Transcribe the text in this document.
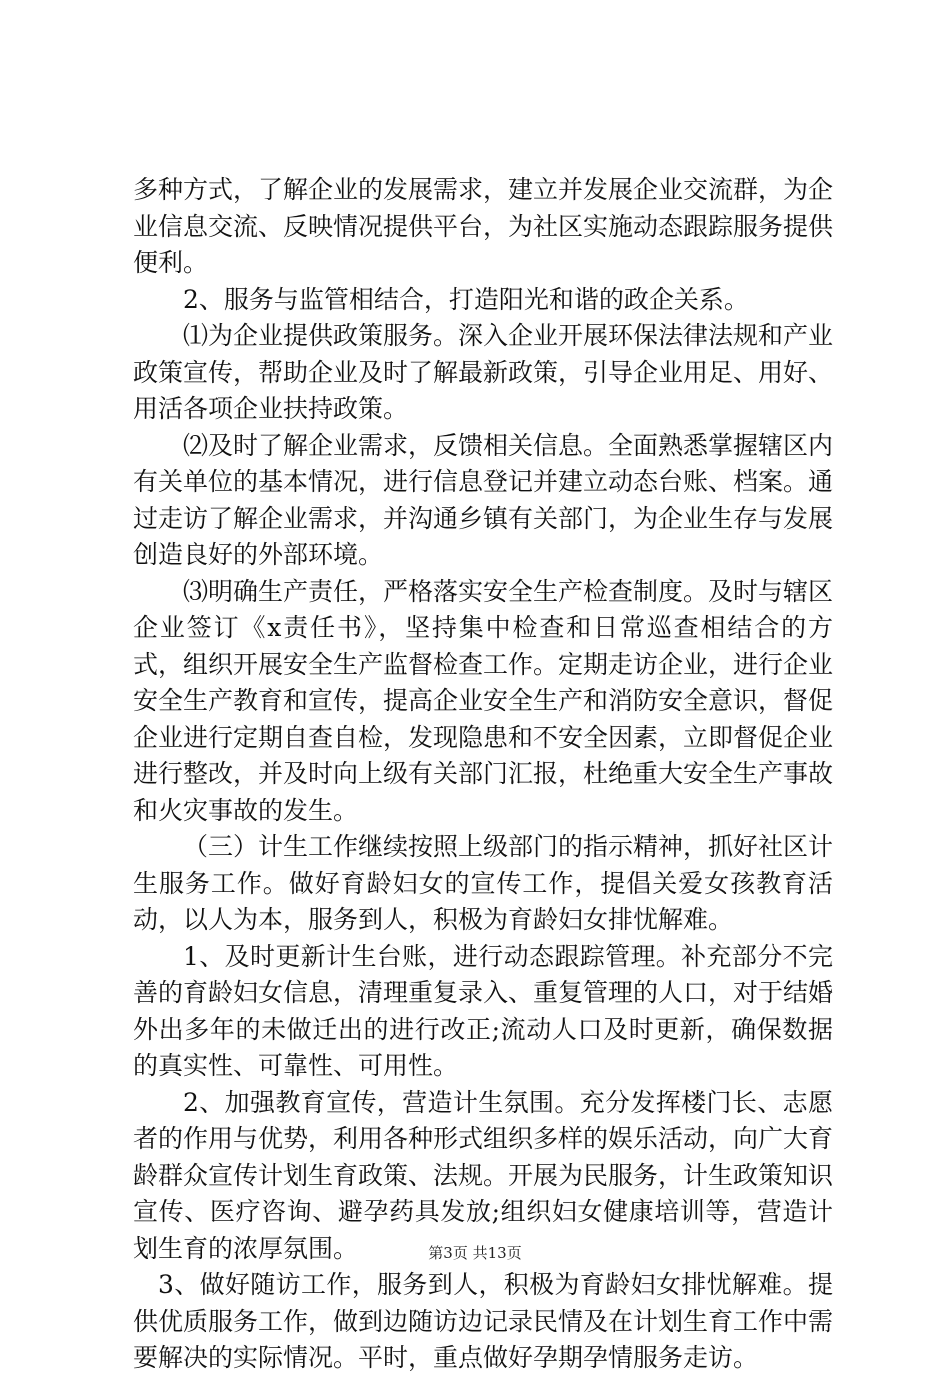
多种方式，了解企业的发展需求，建立并发展企业交流群，为企业信息交流、反映情况提供平台，为社区实施动态跟踪服务提供便利。

2、服务与监管相结合，打造阳光和谐的政企关系。

⑴为企业提供政策服务。深入企业开展环保法律法规和产业政策宣传，帮助企业及时了解最新政策，引导企业用足、用好、用活各项企业扶持政策。

⑵及时了解企业需求，反馈相关信息。全面熟悉掌握辖区内有关单位的基本情况，进行信息登记并建立动态台账、档案。通过走访了解企业需求，并沟通乡镇有关部门，为企业生存与发展创造良好的外部环境。

⑶明确生产责任，严格落实安全生产检查制度。及时与辖区企业签订《x责任书》，坚持集中检查和日常巡查相结合的方式，组织开展安全生产监督检查工作。定期走访企业，进行企业安全生产教育和宣传，提高企业安全生产和消防安全意识，督促企业进行定期自查自检，发现隐患和不安全因素，立即督促企业进行整改，并及时向上级有关部门汇报，杜绝重大安全生产事故和火灾事故的发生。

（三）计生工作继续按照上级部门的指示精神，抓好社区计生服务工作。做好育龄妇女的宣传工作，提倡关爱女孩教育活动，以人为本，服务到人，积极为育龄妇女排忧解难。

1、及时更新计生台账，进行动态跟踪管理。补充部分不完善的育龄妇女信息，清理重复录入、重复管理的人口，对于结婚外出多年的未做迁出的进行改正;流动人口及时更新，确保数据的真实性、可靠性、可用性。

2、加强教育宣传，营造计生氛围。充分发挥楼门长、志愿者的作用与优势，利用各种形式组织多样的娱乐活动，向广大育龄群众宣传计划生育政策、法规。开展为民服务，计生政策知识宣传、医疗咨询、避孕药具发放;组织妇女健康培训等，营造计划生育的浓厚氛围。

3、做好随访工作，服务到人，积极为育龄妇女排忧解难。提供优质服务工作，做到边随访边记录民情及在计划生育工作中需要解决的实际情况。平时，重点做好孕期孕情服务走访。

第3页 共13页
